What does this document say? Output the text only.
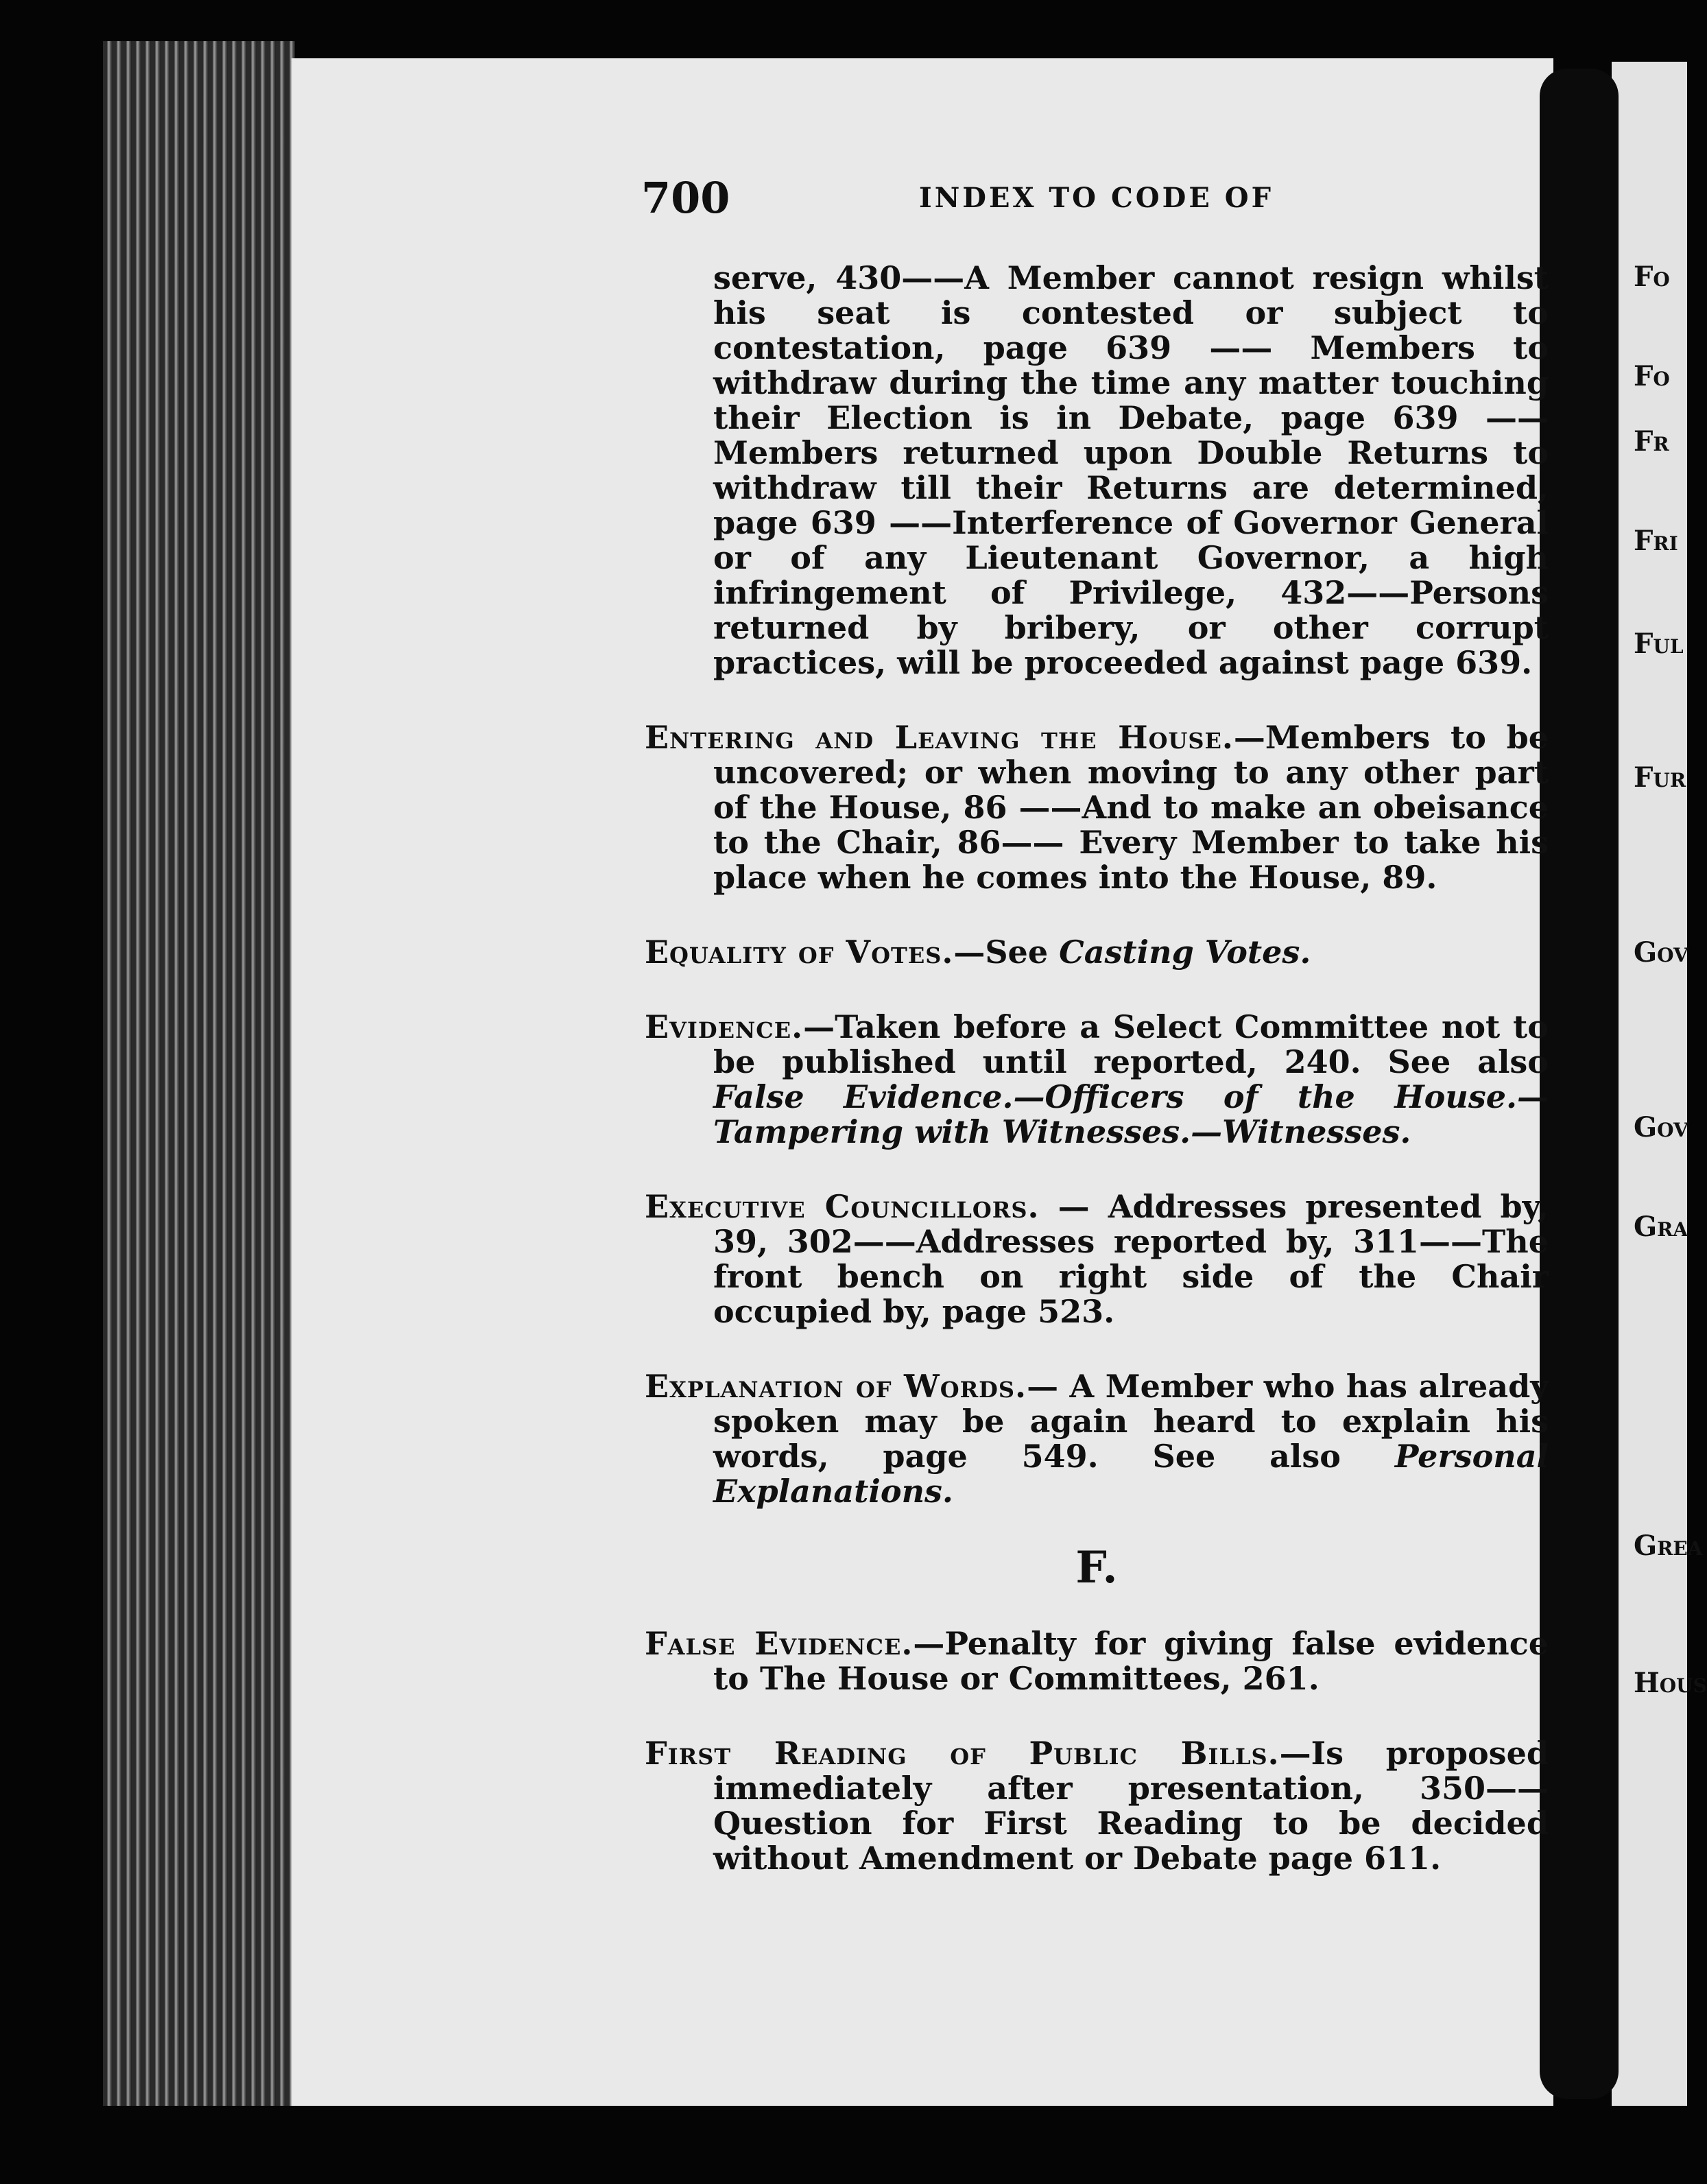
Fo
Fo
Fr
Fri
Ful
Fur
Gov
Gov
Gra
Grea
Hous
700	INDEX TO CODE OF

serve, 430——A Member cannot resign whilst his seat is contested or subject to contestation, page 639 —— Members to withdraw during the time any matter touching their Election is in Debate, page 639 —— Members returned upon Double Returns to withdraw till their Returns are determined, page 639 ——Interference of Governor General or of any Lieutenant Governor, a high infringement of Privilege, 432——Persons returned by bribery, or other corrupt practices, will be proceeded against page 639.

Entering and Leaving the House.—Members to be uncovered; or when moving to any other part of the House, 86 ——And to make an obeisance to the Chair, 86—— Every Member to take his place when he comes into the House, 89.

Equality of Votes.—See Casting Votes.

Evidence.—Taken before a Select Committee not to be published until reported, 240. See also False Evidence.—Officers of the House.—Tampering with Witnesses.—Witnesses.

Executive Councillors. — Addresses presented by, 39, 302——Addresses reported by, 311——The front bench on right side of the Chair occupied by, page 523.

Explanation of Words.— A Member who has already spoken may be again heard to explain his words, page 549. See also Personal Explanations.

F.

False Evidence.—Penalty for giving false evidence to The House or Committees, 261.

First Reading of Public Bills.—Is proposed immediately after presentation, 350——Question for First Reading to be decided without Amendment or Debate page 611.
